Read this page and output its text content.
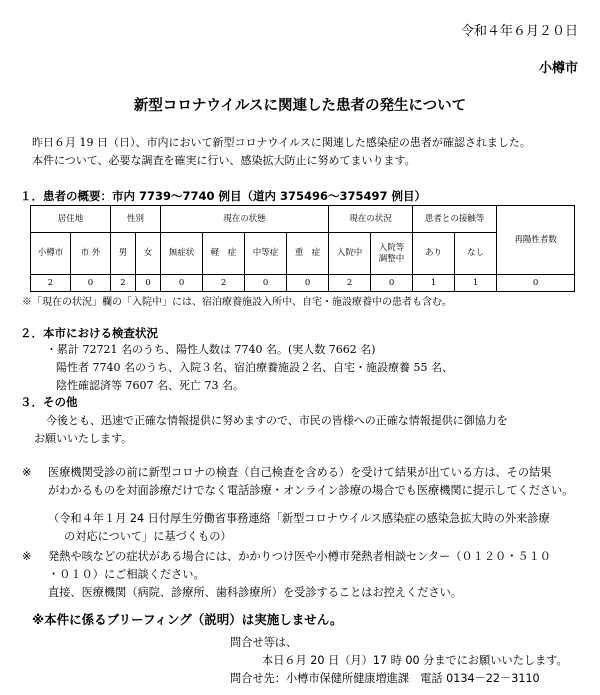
令和４年６月２０日
小樽市
新型コロナウイルスに関連した患者の発生について
昨日６月 19 日（日）、市内において新型コロナウイルスに関連した感染症の患者が確認されました。
本件について、必要な調査を確実に行い、感染拡大防止に努めてまいります。
１．患者の概要：市内 7739～7740 例目（道内 375496～375497 例目）
居住地		性別		現在の状態				現在の状況		患者との接触等		再陽性者数
小樽市	市 外	男	女	無症状	軽　症	中等症	重　症	入院中	入院等
調整中	あり	なし	
2	0	2	0	0	2	0	0	2	0	1	1	0
※「現在の状況」欄の「入院中」には、宿泊療養施設入所中、自宅・施設療養中の患者も含む。
２．本市における検査状況
・累計 72721 名のうち、陽性人数は 7740 名。(実人数 7662 名)
陽性者 7740 名のうち、入院３名、宿泊療養施設２名、自宅・施設療養 55 名、
陰性確認済等 7607 名、死亡 73 名。
３．その他
今後とも、迅速で正確な情報提供に努めますので、市民の皆様への正確な情報提供に御協力を
お願いいたします。
※ 医療機関受診の前に新型コロナの検査（自己検査を含める）を受けて結果が出ている方は、その結果
がわかるものを対面診療だけでなく電話診療・オンライン診療の場合でも医療機関に提示してください。
（令和４年１月 24 日付厚生労働省事務連絡「新型コロナウイルス感染症の感染急拡大時の外来診療
の対応について」に基づくもの）
※ 発熱や咳などの症状がある場合には、かかりつけ医や小樽市発熱者相談センター（０１２０・５１０
・０１０）にご相談ください。
直接、医療機関（病院、診療所、歯科診療所）を受診することはお控えください。
※本件に係るブリーフィング（説明）は実施しません。
問合せ等は、
本日６月 20 日（月）17 時 00 分までにお願いいたします。
問合せ先：小樽市保健所健康増進課　電話 0134－22－3110
